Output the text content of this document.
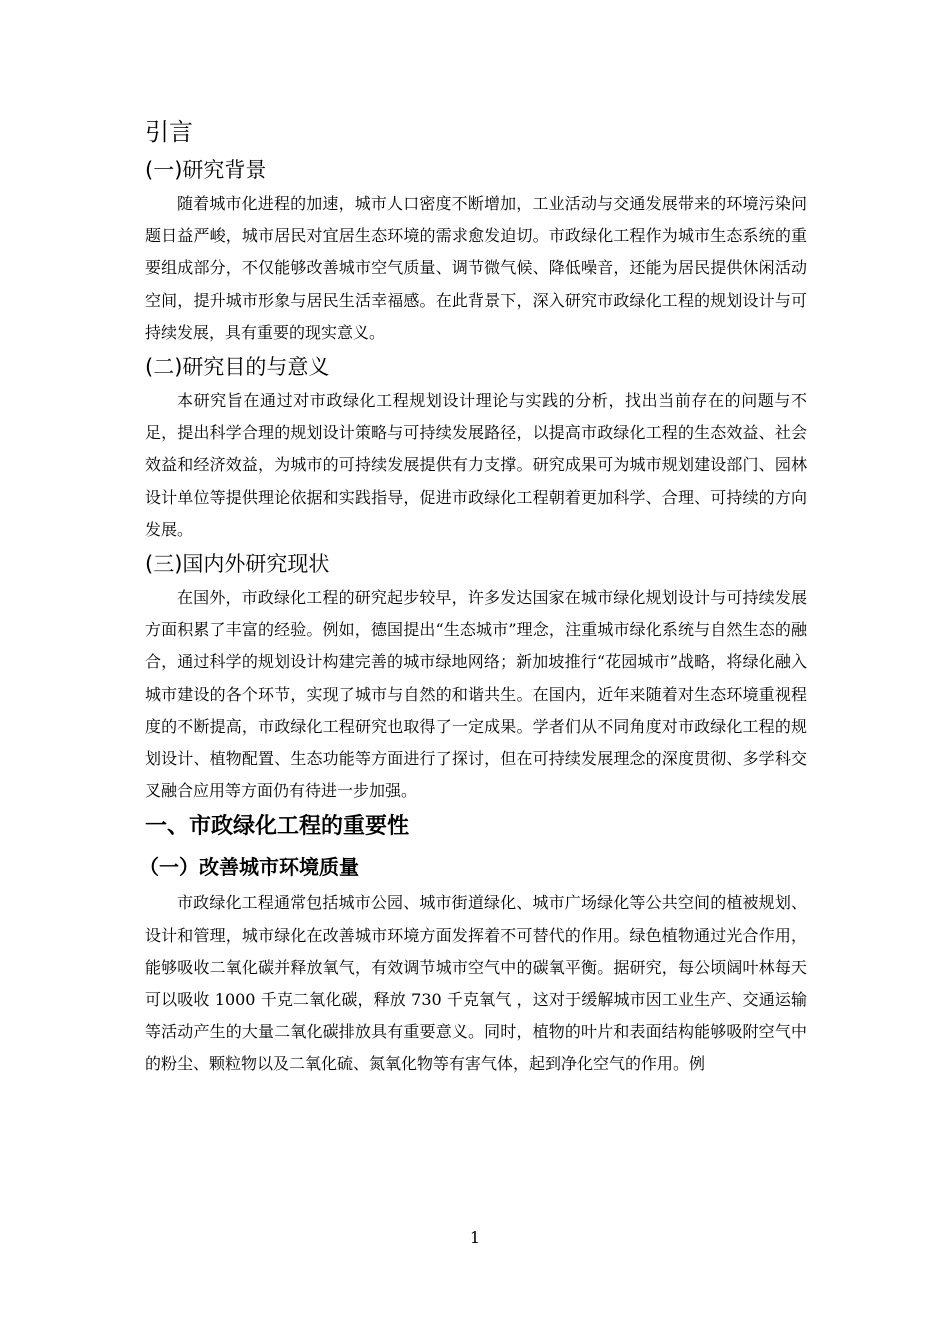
引言
(一)研究背景

随着城市化进程的加速，城市人口密度不断增加，工业活动与交通发展带来的环境污染问题日益严峻，城市居民对宜居生态环境的需求愈发迫切。市政绿化工程作为城市生态系统的重要组成部分，不仅能够改善城市空气质量、调节微气候、降低噪音，还能为居民提供休闲活动空间，提升城市形象与居民生活幸福感。在此背景下，深入研究市政绿化工程的规划设计与可持续发展，具有重要的现实意义。

(二)研究目的与意义

本研究旨在通过对市政绿化工程规划设计理论与实践的分析，找出当前存在的问题与不足，提出科学合理的规划设计策略与可持续发展路径，以提高市政绿化工程的生态效益、社会效益和经济效益，为城市的可持续发展提供有力支撑。研究成果可为城市规划建设部门、园林设计单位等提供理论依据和实践指导，促进市政绿化工程朝着更加科学、合理、可持续的方向发展。

(三)国内外研究现状

在国外，市政绿化工程的研究起步较早，许多发达国家在城市绿化规划设计与可持续发展方面积累了丰富的经验。例如，德国提出“生态城市”理念，注重城市绿化系统与自然生态的融合，通过科学的规划设计构建完善的城市绿地网络；新加坡推行“花园城市”战略，将绿化融入城市建设的各个环节，实现了城市与自然的和谐共生。在国内，近年来随着对生态环境重视程度的不断提高，市政绿化工程研究也取得了一定成果。学者们从不同角度对市政绿化工程的规划设计、植物配置、生态功能等方面进行了探讨，但在可持续发展理念的深度贯彻、多学科交叉融合应用等方面仍有待进一步加强。

一、市政绿化工程的重要性
（一）改善城市环境质量

市政绿化工程通常包括城市公园、城市街道绿化、城市广场绿化等公共空间的植被规划、设计和管理，城市绿化在改善城市环境方面发挥着不可替代的作用。绿色植物通过光合作用，能够吸收二氧化碳并释放氧气，有效调节城市空气中的碳氧平衡。据研究，每公顷阔叶林每天可以吸收 1000 千克二氧化碳，释放 730 千克氧气 ，这对于缓解城市因工业生产、交通运输等活动产生的大量二氧化碳排放具有重要意义。同时，植物的叶片和表面结构能够吸附空气中的粉尘、颗粒物以及二氧化硫、氮氧化物等有害气体，起到净化空气的作用。例

1
